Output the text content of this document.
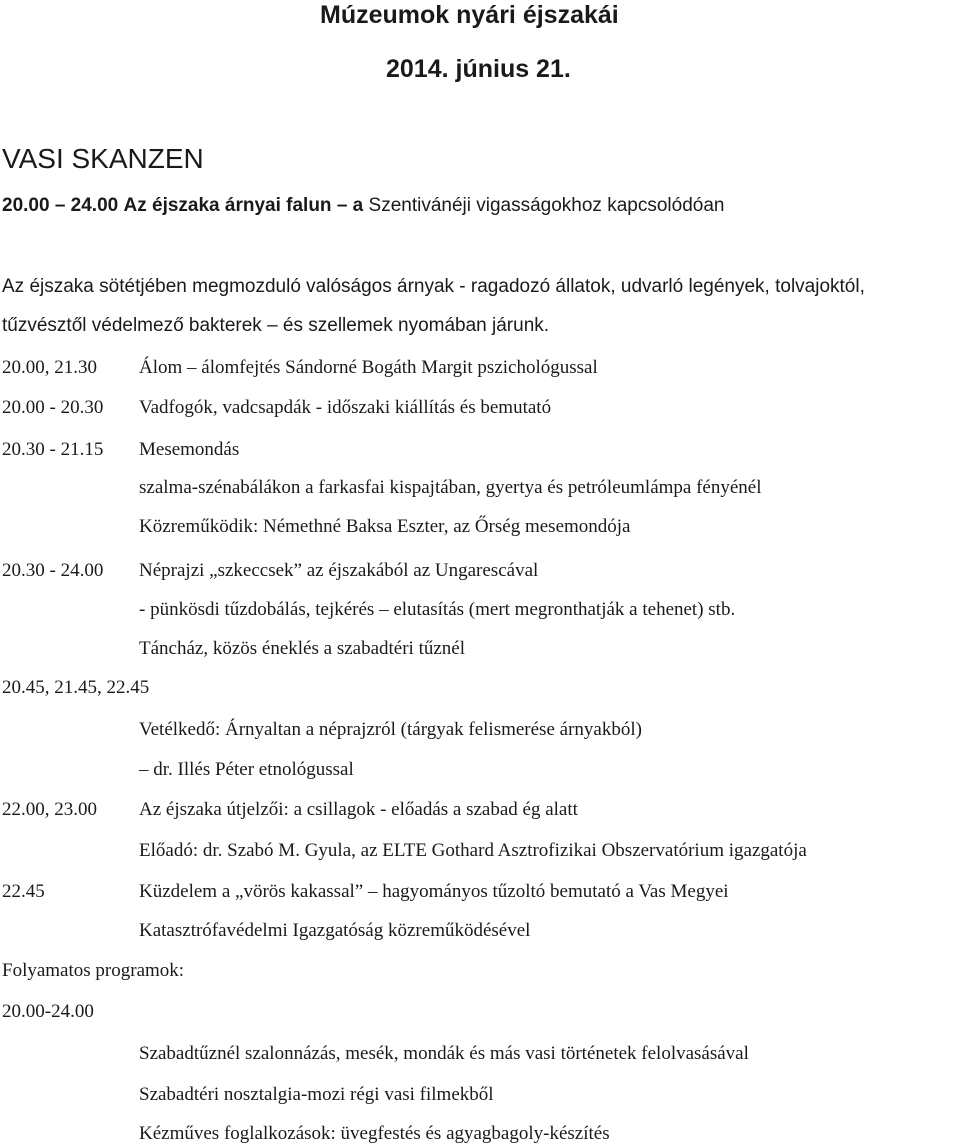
Múzeumok nyári éjszakái
2014. június 21.
VASI SKANZEN
20.00 – 24.00 Az éjszaka árnyai falun – a Szentivánéji vigasságokhoz kapcsolódóan
Az éjszaka sötétjében megmozduló valóságos árnyak - ragadozó állatok, udvarló legények, tolvajoktól,
tűzvésztől védelmező bakterek – és szellemek nyomában járunk.
20.00, 21.30 Álom – álomfejtés Sándorné Bogáth Margit pszichológussal
20.00 - 20.30 Vadfogók, vadcsapdák - időszaki kiállítás és bemutató
20.30 - 21.15 Mesemondás
szalma-szénabálákon a farkasfai kispajtában, gyertya és petróleumlámpa fényénél
Közreműködik: Némethné Baksa Eszter, az Őrség mesemondója
20.30 - 24.00 Néprajzi „szkeccsek” az éjszakából az Ungarescával
- pünkösdi tűzdobálás, tejkérés – elutasítás (mert megronthatják a tehenet) stb.
Táncház, közös éneklés a szabadtéri tűznél
20.45, 21.45, 22.45
Vetélkedő: Árnyaltan a néprajzról (tárgyak felismerése árnyakból)
– dr. Illés Péter etnológussal
22.00, 23.00 Az éjszaka útjelzői: a csillagok - előadás a szabad ég alatt
Előadó: dr. Szabó M. Gyula, az ELTE Gothard Asztrofizikai Obszervatórium igazgatója
22.45	Küzdelem a „vörös kakassal” – hagyományos tűzoltó bemutató a Vas Megyei
Katasztrófavédelmi Igazgatóság közreműködésével
Folyamatos programok:
20.00-24.00
Szabadtűznél szalonnázás, mesék, mondák és más vasi történetek felolvasásával
Szabadtéri nosztalgia-mozi régi vasi filmekből
Kézműves foglalkozások: üvegfestés és agyagbagoly-készítés
